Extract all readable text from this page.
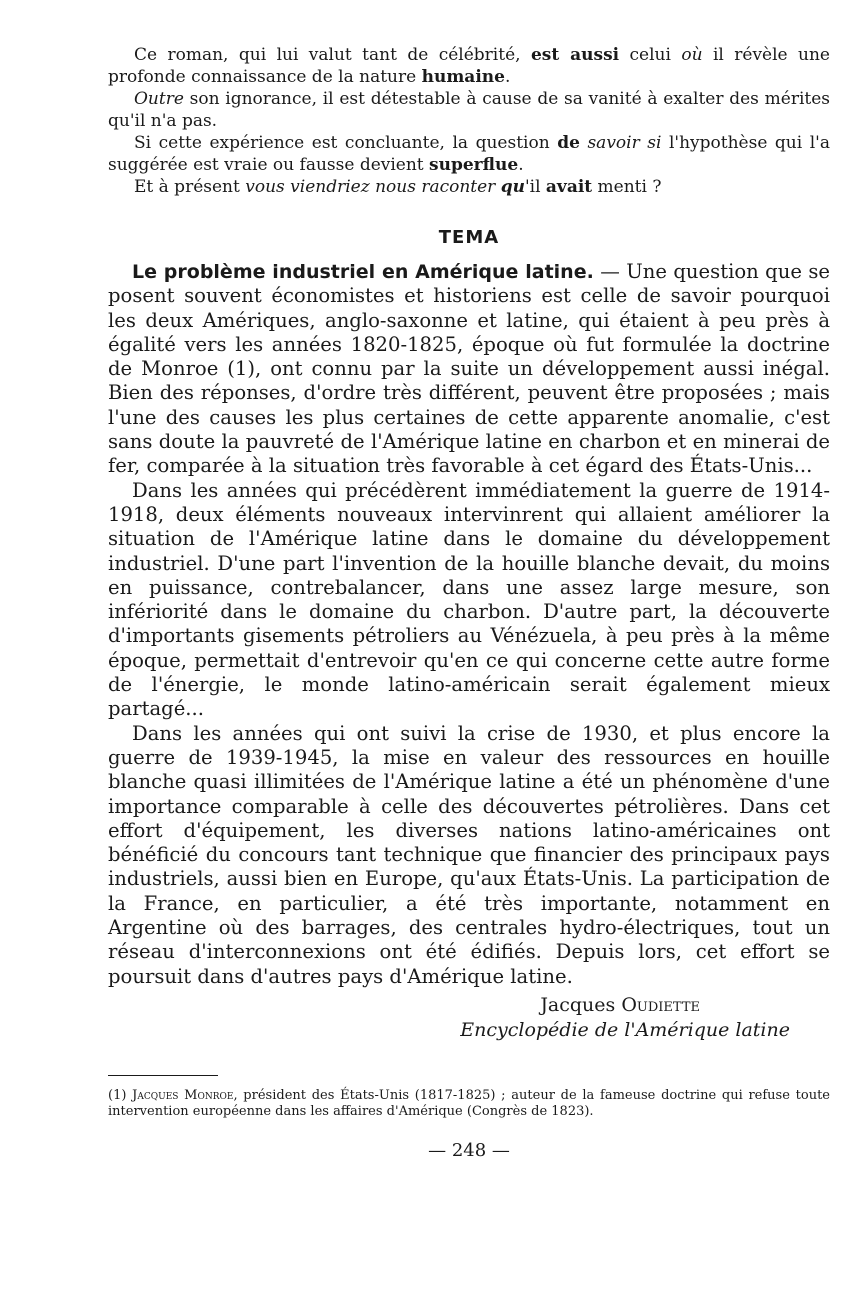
Ce roman, qui lui valut tant de célébrité, est aussi celui où il révèle une profonde connaissance de la nature humaine.

Outre son ignorance, il est détestable à cause de sa vanité à exalter des mérites qu'il n'a pas.

Si cette expérience est concluante, la question de savoir si l'hypothèse qui l'a suggérée est vraie ou fausse devient superflue.

Et à présent vous viendriez nous raconter qu'il avait menti ?

TEMA

Le problème industriel en Amérique latine. — Une question que se posent souvent économistes et historiens est celle de savoir pourquoi les deux Amériques, anglo-saxonne et latine, qui étaient à peu près à égalité vers les années 1820-1825, époque où fut formulée la doctrine de Monroe (1), ont connu par la suite un développement aussi inégal. Bien des réponses, d'ordre très différent, peuvent être proposées ; mais l'une des causes les plus certaines de cette apparente anomalie, c'est sans doute la pauvreté de l'Amérique latine en charbon et en minerai de fer, comparée à la situation très favorable à cet égard des États-Unis...

Dans les années qui précédèrent immédiatement la guerre de 1914-1918, deux éléments nouveaux intervinrent qui allaient améliorer la situation de l'Amérique latine dans le domaine du développement industriel. D'une part l'invention de la houille blanche devait, du moins en puissance, contrebalancer, dans une assez large mesure, son infériorité dans le domaine du charbon. D'autre part, la découverte d'importants gisements pétroliers au Vénézuela, à peu près à la même époque, permettait d'entrevoir qu'en ce qui concerne cette autre forme de l'énergie, le monde latino-américain serait également mieux partagé...

Dans les années qui ont suivi la crise de 1930, et plus encore la guerre de 1939-1945, la mise en valeur des ressources en houille blanche quasi illimitées de l'Amérique latine a été un phénomène d'une importance comparable à celle des découvertes pétrolières. Dans cet effort d'équipement, les diverses nations latino-américaines ont bénéficié du concours tant technique que financier des principaux pays industriels, aussi bien en Europe, qu'aux États-Unis. La participation de la France, en particulier, a été très importante, notamment en Argentine où des barrages, des centrales hydro-électriques, tout un réseau d'interconnexions ont été édifiés. Depuis lors, cet effort se poursuit dans d'autres pays d'Amérique latine.

Jacques Oudiette
Encyclopédie de l'Amérique latine

(1) Jacques Monroe, président des États-Unis (1817-1825) ; auteur de la fameuse doctrine qui refuse toute intervention européenne dans les affaires d'Amérique (Congrès de 1823).

— 248 —
